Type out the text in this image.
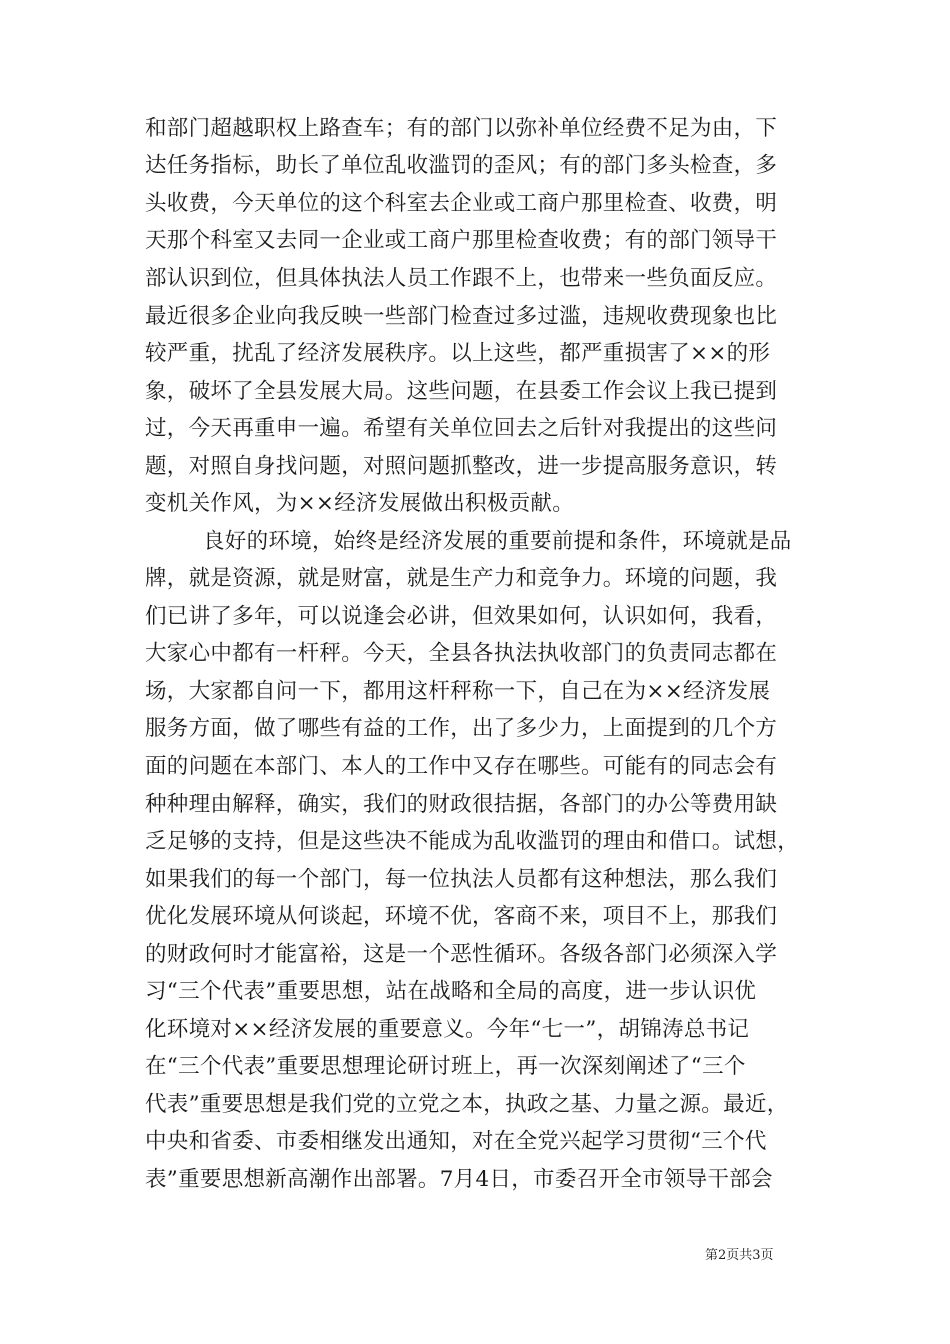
和部门超越职权上路查车；有的部门以弥补单位经费不足为由，下
达任务指标，助长了单位乱收滥罚的歪风；有的部门多头检查，多
头收费，今天单位的这个科室去企业或工商户那里检查、收费，明
天那个科室又去同一企业或工商户那里检查收费；有的部门领导干
部认识到位，但具体执法人员工作跟不上，也带来一些负面反应。
最近很多企业向我反映一些部门检查过多过滥，违规收费现象也比
较严重，扰乱了经济发展秩序。以上这些，都严重损害了××的形
象，破坏了全县发展大局。这些问题，在县委工作会议上我已提到
过，今天再重申一遍。希望有关单位回去之后针对我提出的这些问
题，对照自身找问题，对照问题抓整改，进一步提高服务意识，转
变机关作风，为××经济发展做出积极贡献。
良好的环境，始终是经济发展的重要前提和条件，环境就是品
牌，就是资源，就是财富，就是生产力和竞争力。环境的问题，我
们已讲了多年，可以说逢会必讲，但效果如何，认识如何，我看，
大家心中都有一杆秤。今天，全县各执法执收部门的负责同志都在
场，大家都自问一下，都用这杆秤称一下，自己在为××经济发展
服务方面，做了哪些有益的工作，出了多少力，上面提到的几个方
面的问题在本部门、本人的工作中又存在哪些。可能有的同志会有
种种理由解释，确实，我们的财政很拮据，各部门的办公等费用缺
乏足够的支持，但是这些决不能成为乱收滥罚的理由和借口。试想，
如果我们的每一个部门，每一位执法人员都有这种想法，那么我们
优化发展环境从何谈起，环境不优，客商不来，项目不上，那我们
的财政何时才能富裕，这是一个恶性循环。各级各部门必须深入学
习“三个代表”重要思想，站在战略和全局的高度，进一步认识优
化环境对××经济发展的重要意义。今年“七一”，胡锦涛总书记
在“三个代表”重要思想理论研讨班上，再一次深刻阐述了“三个
代表”重要思想是我们党的立党之本，执政之基、力量之源。最近，
中央和省委、市委相继发出通知，对在全党兴起学习贯彻“三个代
表”重要思想新高潮作出部署。7月4日，市委召开全市领导干部会
第2页共3页
